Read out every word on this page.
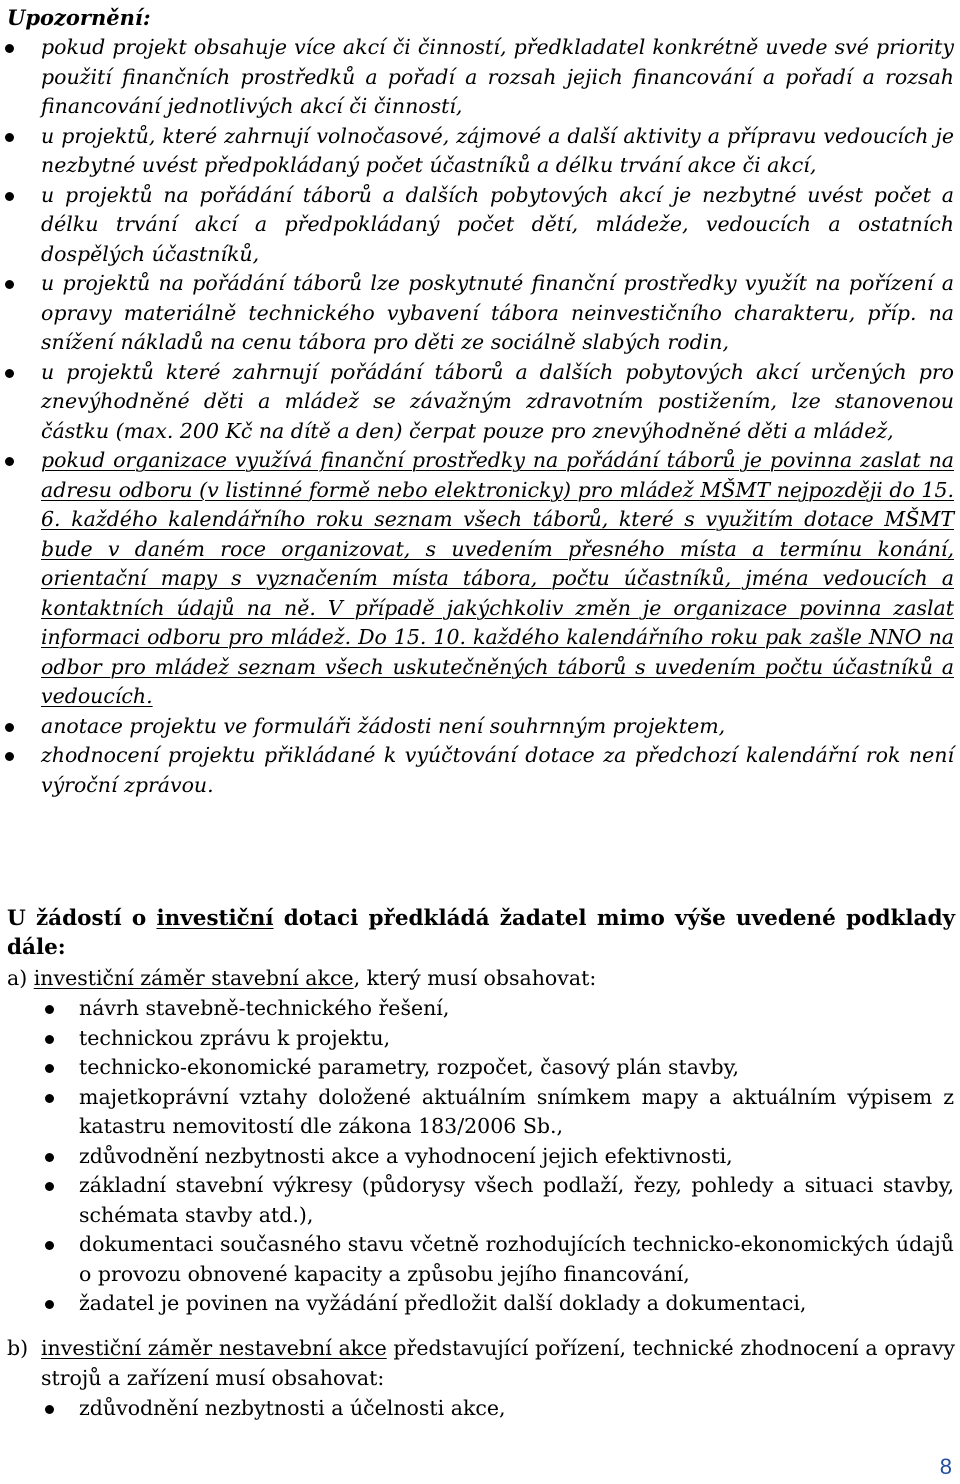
Upozornění:

pokud projekt obsahuje více akcí či činností, předkladatel konkrétně uvede své priority použití finančních prostředků a pořadí a rozsah jejich financování a pořadí a rozsah financování jednotlivých akcí či činností,
u projektů, které zahrnují volnočasové, zájmové a další aktivity a přípravu vedoucích je nezbytné uvést předpokládaný počet účastníků a délku trvání akce či akcí,
u projektů na pořádání táborů a dalších pobytových akcí je nezbytné uvést počet a délku trvání akcí a předpokládaný počet dětí, mládeže, vedoucích a ostatních dospělých účastníků,
u projektů na pořádání táborů lze poskytnuté finanční prostředky využít na pořízení a opravy materiálně technického vybavení tábora neinvestičního charakteru, příp. na snížení nákladů na cenu tábora pro děti ze sociálně slabých rodin,
u projektů které zahrnují pořádání táborů a dalších pobytových akcí určených pro znevýhodněné děti a mládež se závažným zdravotním postižením, lze stanovenou částku (max. 200 Kč na dítě a den) čerpat pouze pro znevýhodněné děti a mládež,
pokud organizace využívá finanční prostředky na pořádání táborů je povinna zaslat na adresu odboru (v listinné formě nebo elektronicky) pro mládež MŠMT nejpozději do 15. 6. každého kalendářního roku seznam všech táborů, které s využitím dotace MŠMT bude v daném roce organizovat, s uvedením přesného místa a termínu konání, orientační mapy s vyznačením místa tábora, počtu účastníků, jména vedoucích a kontaktních údajů na ně. V případě jakýchkoliv změn je organizace povinna zaslat informaci odboru pro mládež. Do 15. 10. každého kalendářního roku pak zašle NNO na odbor pro mládež seznam všech uskutečněných táborů s uvedením počtu účastníků a vedoucích.
anotace projektu ve formuláři žádosti není souhrnným projektem,
zhodnocení projektu přikládané k vyúčtování dotace za předchozí kalendářní rok není výroční zprávou.

U žádostí o investiční dotaci předkládá žadatel mimo výše uvedené podklady dále:

a) investiční záměr stavební akce, který musí obsahovat:

návrh stavebně-technického řešení,
technickou zprávu k projektu,
technicko-ekonomické parametry, rozpočet, časový plán stavby,
majetkoprávní vztahy doložené aktuálním snímkem mapy a aktuálním výpisem z katastru nemovitostí dle zákona 183/2006 Sb.,
zdůvodnění nezbytnosti akce a vyhodnocení jejich efektivnosti,
základní stavební výkresy (půdorysy všech podlaží, řezy, pohledy a situaci stavby, schémata stavby atd.),
dokumentaci současného stavu včetně rozhodujících technicko-ekonomických údajů o provozu obnovené kapacity a způsobu jejího financování,
žadatel je povinen na vyžádání předložit další doklady a dokumentaci,
b) investiční záměr nestavební akce představující pořízení, technické zhodnocení a opravy strojů a zařízení musí obsahovat:
zdůvodnění nezbytnosti a účelnosti akce,

8
